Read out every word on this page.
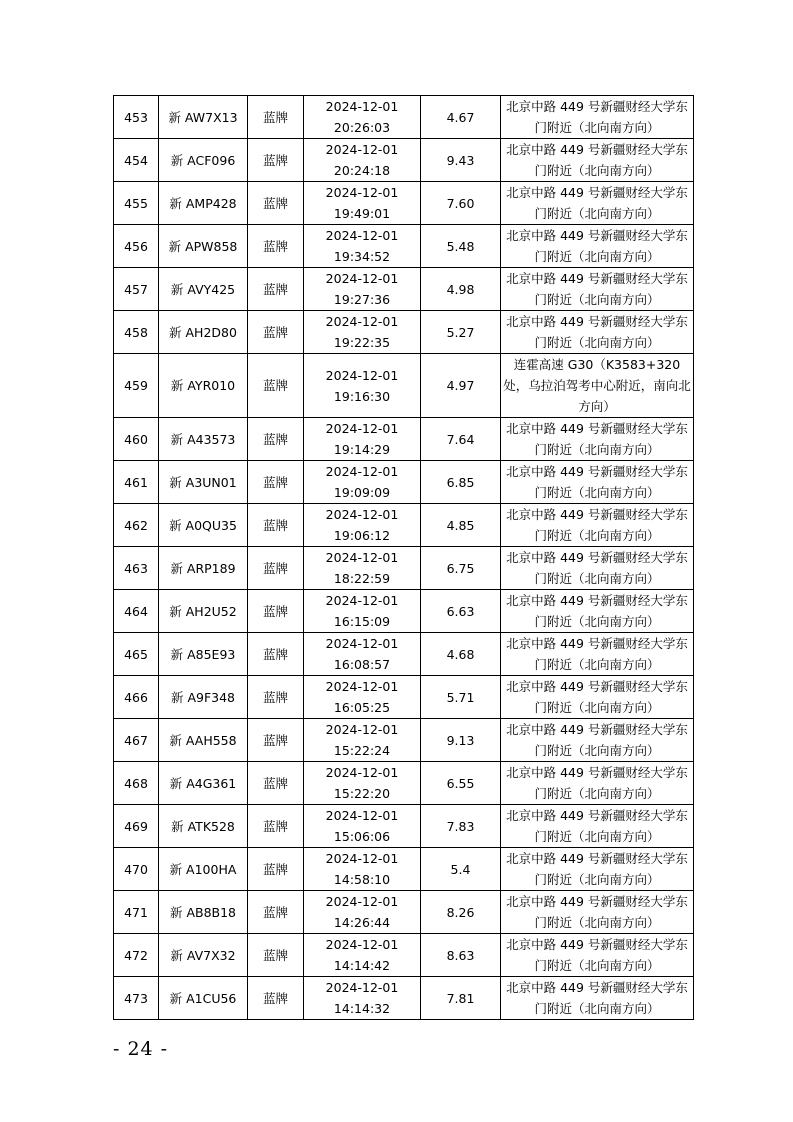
453	新 AW7X13	蓝牌	2024-12-01
20:26:03	4.67	北京中路 449 号新疆财经大学东门附近（北向南方向）

454	新 ACF096	蓝牌	2024-12-01
20:24:18	9.43	北京中路 449 号新疆财经大学东门附近（北向南方向）

455	新 AMP428	蓝牌	2024-12-01
19:49:01	7.60	北京中路 449 号新疆财经大学东门附近（北向南方向）

456	新 APW858	蓝牌	2024-12-01
19:34:52	5.48	北京中路 449 号新疆财经大学东门附近（北向南方向）

457	新 AVY425	蓝牌	2024-12-01
19:27:36	4.98	北京中路 449 号新疆财经大学东门附近（北向南方向）

458	新 AH2D80	蓝牌	2024-12-01
19:22:35	5.27	北京中路 449 号新疆财经大学东门附近（北向南方向）

459	新 AYR010	蓝牌	2024-12-01
19:16:30	4.97	连霍高速 G30（K3583+320 处，乌拉泊驾考中心附近，南向北方向）

460	新 A43573	蓝牌	2024-12-01
19:14:29	7.64	北京中路 449 号新疆财经大学东门附近（北向南方向）

461	新 A3UN01	蓝牌	2024-12-01
19:09:09	6.85	北京中路 449 号新疆财经大学东门附近（北向南方向）

462	新 A0QU35	蓝牌	2024-12-01
19:06:12	4.85	北京中路 449 号新疆财经大学东门附近（北向南方向）

463	新 ARP189	蓝牌	2024-12-01
18:22:59	6.75	北京中路 449 号新疆财经大学东门附近（北向南方向）

464	新 AH2U52	蓝牌	2024-12-01
16:15:09	6.63	北京中路 449 号新疆财经大学东门附近（北向南方向）

465	新 A85E93	蓝牌	2024-12-01
16:08:57	4.68	北京中路 449 号新疆财经大学东门附近（北向南方向）

466	新 A9F348	蓝牌	2024-12-01
16:05:25	5.71	北京中路 449 号新疆财经大学东门附近（北向南方向）

467	新 AAH558	蓝牌	2024-12-01
15:22:24	9.13	北京中路 449 号新疆财经大学东门附近（北向南方向）

468	新 A4G361	蓝牌	2024-12-01
15:22:20	6.55	北京中路 449 号新疆财经大学东门附近（北向南方向）

469	新 ATK528	蓝牌	2024-12-01
15:06:06	7.83	北京中路 449 号新疆财经大学东门附近（北向南方向）

470	新 A100HA	蓝牌	2024-12-01
14:58:10	5.4	北京中路 449 号新疆财经大学东门附近（北向南方向）

471	新 AB8B18	蓝牌	2024-12-01
14:26:44	8.26	北京中路 449 号新疆财经大学东门附近（北向南方向）

472	新 AV7X32	蓝牌	2024-12-01
14:14:42	8.63	北京中路 449 号新疆财经大学东门附近（北向南方向）

473	新 A1CU56	蓝牌	2024-12-01
14:14:32	7.81	北京中路 449 号新疆财经大学东门附近（北向南方向）
- 24 -
